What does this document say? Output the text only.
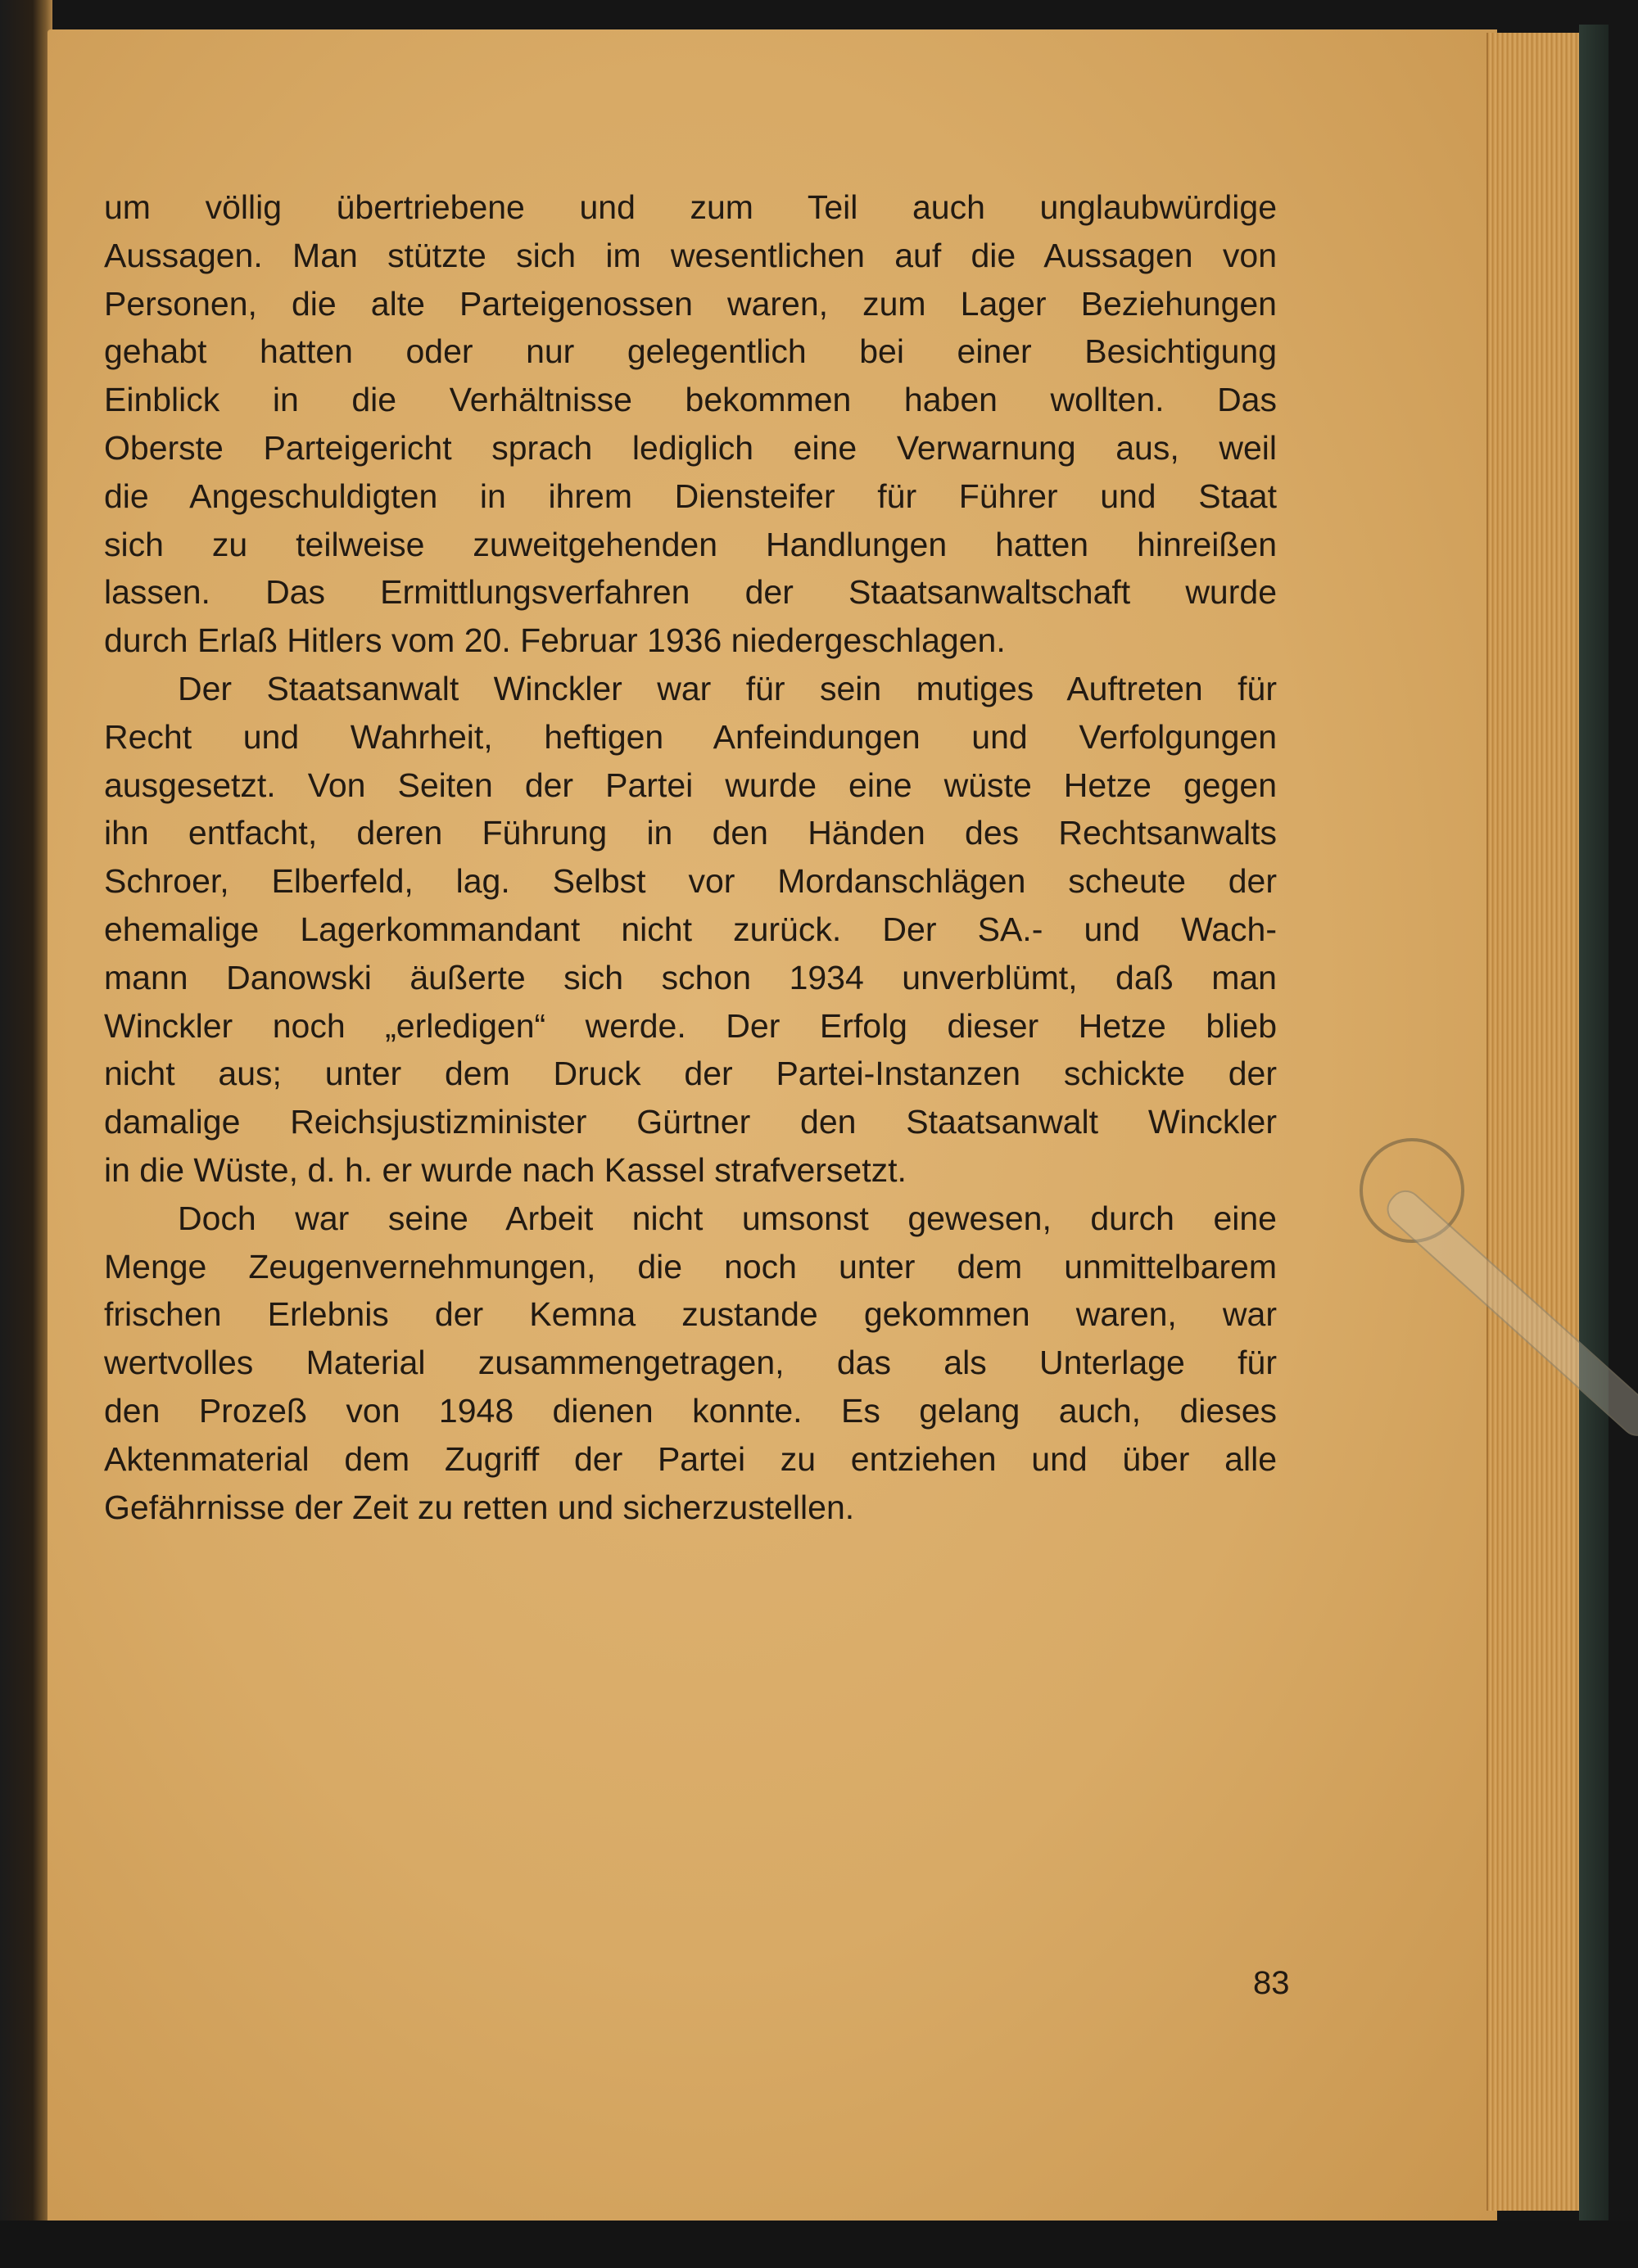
um völlig übertriebene und zum Teil auch unglaubwürdige
Aussagen. Man stützte sich im wesentlichen auf die Aussagen von
Personen, die alte Parteigenossen waren, zum Lager Beziehungen
gehabt hatten oder nur gelegentlich bei einer Besichtigung
Einblick in die Verhältnisse bekommen haben wollten. Das
Oberste Parteigericht sprach lediglich eine Verwarnung aus, weil
die Angeschuldigten in ihrem Diensteifer für Führer und Staat
sich zu teilweise zuweitgehenden Handlungen hatten hinreißen
lassen. Das Ermittlungsverfahren der Staatsanwaltschaft wurde
durch Erlaß Hitlers vom 20. Februar 1936 niedergeschlagen.
Der Staatsanwalt Winckler war für sein mutiges Auftreten für
Recht und Wahrheit, heftigen Anfeindungen und Verfolgungen
ausgesetzt. Von Seiten der Partei wurde eine wüste Hetze gegen
ihn entfacht, deren Führung in den Händen des Rechtsanwalts
Schroer, Elberfeld, lag. Selbst vor Mordanschlägen scheute der
ehemalige Lagerkommandant nicht zurück. Der SA.- und Wach-
mann Danowski äußerte sich schon 1934 unverblümt, daß man
Winckler noch „erledigen“ werde. Der Erfolg dieser Hetze blieb
nicht aus; unter dem Druck der Partei-Instanzen schickte der
damalige Reichsjustizminister Gürtner den Staatsanwalt Winckler
in die Wüste, d. h. er wurde nach Kassel strafversetzt.
Doch war seine Arbeit nicht umsonst gewesen, durch eine
Menge Zeugenvernehmungen, die noch unter dem unmittelbarem
frischen Erlebnis der Kemna zustande gekommen waren, war
wertvolles Material zusammengetragen, das als Unterlage für
den Prozeß von 1948 dienen konnte. Es gelang auch, dieses
Aktenmaterial dem Zugriff der Partei zu entziehen und über alle
Gefährnisse der Zeit zu retten und sicherzustellen.
83
